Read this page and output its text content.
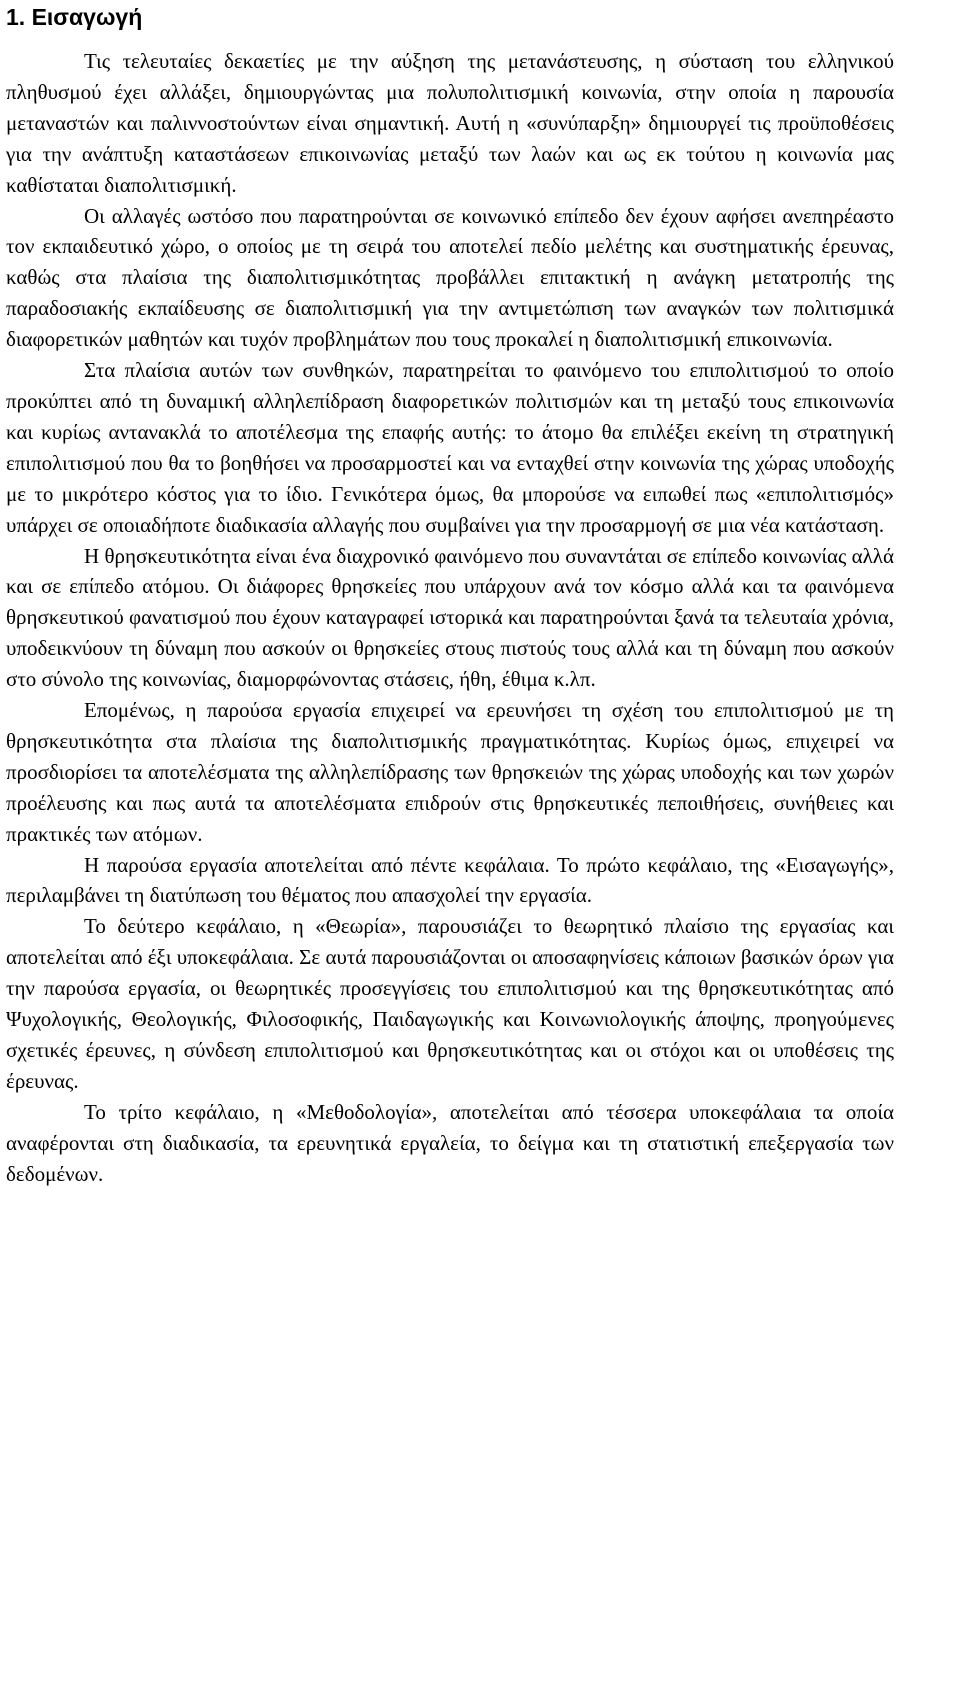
1. Εισαγωγή

Τις τελευταίες δεκαετίες με την αύξηση της μετανάστευσης, η σύσταση του ελληνικού πληθυσμού έχει αλλάξει, δημιουργώντας μια πολυπολιτισμική κοινωνία, στην οποία η παρουσία μεταναστών και παλιννοστούντων είναι σημαντική. Αυτή η «συνύπαρξη» δημιουργεί τις προϋποθέσεις για την ανάπτυξη καταστάσεων επικοινωνίας μεταξύ των λαών και ως εκ τούτου η κοινωνία μας καθίσταται διαπολιτισμική.

Οι αλλαγές ωστόσο που παρατηρούνται σε κοινωνικό επίπεδο δεν έχουν αφήσει ανεπηρέαστο τον εκπαιδευτικό χώρο, ο οποίος με τη σειρά του αποτελεί πεδίο μελέτης και συστηματικής έρευνας, καθώς στα πλαίσια της διαπολιτισμικότητας προβάλλει επιτακτική η ανάγκη μετατροπής της παραδοσιακής εκπαίδευσης σε διαπολιτισμική για την αντιμετώπιση των αναγκών των πολιτισμικά διαφορετικών μαθητών και τυχόν προβλημάτων που τους προκαλεί η διαπολιτισμική επικοινωνία.

Στα πλαίσια αυτών των συνθηκών, παρατηρείται το φαινόμενο του επιπολιτισμού το οποίο προκύπτει από τη δυναμική αλληλεπίδραση διαφορετικών πολιτισμών και τη μεταξύ τους επικοινωνία και κυρίως αντανακλά το αποτέλεσμα της επαφής αυτής: το άτομο θα επιλέξει εκείνη τη στρατηγική επιπολιτισμού που θα το βοηθήσει να προσαρμοστεί και να ενταχθεί στην κοινωνία της χώρας υποδοχής με το μικρότερο κόστος για το ίδιο. Γενικότερα όμως, θα μπορούσε να ειπωθεί πως «επιπολιτισμός» υπάρχει σε οποιαδήποτε διαδικασία αλλαγής που συμβαίνει για την προσαρμογή σε μια νέα κατάσταση.

Η θρησκευτικότητα είναι ένα διαχρονικό φαινόμενο που συναντάται σε επίπεδο κοινωνίας αλλά και σε επίπεδο ατόμου. Οι διάφορες θρησκείες που υπάρχουν ανά τον κόσμο αλλά και τα φαινόμενα θρησκευτικού φανατισμού που έχουν καταγραφεί ιστορικά και παρατηρούνται ξανά τα τελευταία χρόνια, υποδεικνύουν τη δύναμη που ασκούν οι θρησκείες στους πιστούς τους αλλά και τη δύναμη που ασκούν στο σύνολο της κοινωνίας, διαμορφώνοντας στάσεις, ήθη, έθιμα κ.λπ.

Επομένως, η παρούσα εργασία επιχειρεί να ερευνήσει τη σχέση του επιπολιτισμού με τη θρησκευτικότητα στα πλαίσια της διαπολιτισμικής πραγματικότητας. Κυρίως όμως, επιχειρεί να προσδιορίσει τα αποτελέσματα της αλληλεπίδρασης των θρησκειών της χώρας υποδοχής και των χωρών προέλευσης και πως αυτά τα αποτελέσματα επιδρούν στις θρησκευτικές πεποιθήσεις, συνήθειες και πρακτικές των ατόμων.

Η παρούσα εργασία αποτελείται από πέντε κεφάλαια. Το πρώτο κεφάλαιο, της «Εισαγωγής», περιλαμβάνει τη διατύπωση του θέματος που απασχολεί την εργασία.

Το δεύτερο κεφάλαιο, η «Θεωρία», παρουσιάζει το θεωρητικό πλαίσιο της εργασίας και αποτελείται από έξι υποκεφάλαια. Σε αυτά παρουσιάζονται οι αποσαφηνίσεις κάποιων βασικών όρων για την παρούσα εργασία, οι θεωρητικές προσεγγίσεις του επιπολιτισμού και της θρησκευτικότητας από Ψυχολογικής, Θεολογικής, Φιλοσοφικής, Παιδαγωγικής και Κοινωνιολογικής άποψης, προηγούμενες σχετικές έρευνες, η σύνδεση επιπολιτισμού και θρησκευτικότητας και οι στόχοι και οι υποθέσεις της έρευνας.

Το τρίτο κεφάλαιο, η «Μεθοδολογία», αποτελείται από τέσσερα υποκεφάλαια τα οποία αναφέρονται στη διαδικασία, τα ερευνητικά εργαλεία, το δείγμα και τη στατιστική επεξεργασία των δεδομένων.
